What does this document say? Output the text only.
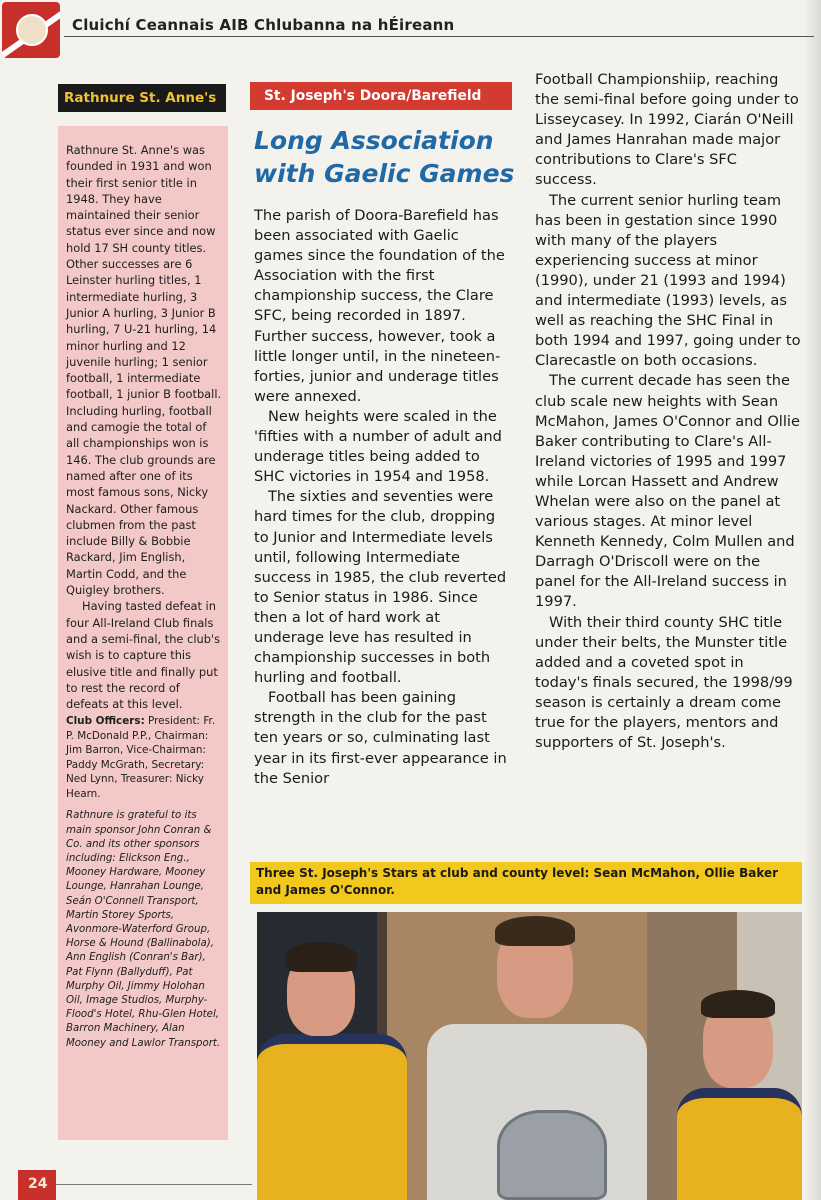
Cluichí Ceannais AIB Chlubanna na hÉireann
Rathnure St. Anne's

Rathnure St. Anne's was founded in 1931 and won their first senior title in 1948. They have maintained their senior status ever since and now hold 17 SH county titles. Other successes are 6 Leinster hurling titles, 1 intermediate hurling, 3 Junior A hurling, 3 Junior B hurling, 7 U-21 hurling, 14 minor hurling and 12 juvenile hurling; 1 senior football, 1 intermediate football, 1 junior B football. Including hurling, football and camogie the total of all championships won is 146. The club grounds are named after one of its most famous sons, Nicky Nackard. Other famous clubmen from the past include Billy & Bobbie Rackard, Jim English, Martin Codd, and the Quigley brothers.

Having tasted defeat in four All-Ireland Club finals and a semi-final, the club's wish is to capture this elusive title and finally put to rest the record of defeats at this level.

Club Officers: President: Fr. P. McDonald P.P., Chairman: Jim Barron, Vice-Chairman: Paddy McGrath, Secretary: Ned Lynn, Treasurer: Nicky Hearn.

Rathnure is grateful to its main sponsor John Conran & Co. and its other sponsors including: Elickson Eng., Mooney Hardware, Mooney Lounge, Hanrahan Lounge, Seán O'Connell Transport, Martin Storey Sports, Avonmore-Waterford Group, Horse & Hound (Ballinabola), Ann English (Conran's Bar), Pat Flynn (Ballyduff), Pat Murphy Oil, Jimmy Holohan Oil, Image Studios, Murphy-Flood's Hotel, Rhu-Glen Hotel, Barron Machinery, Alan Mooney and Lawlor Transport.

St. Joseph's Doora/Barefield
Long Association with Gaelic Games

The parish of Doora-Barefield has been associated with Gaelic games since the foundation of the Association with the first championship success, the Clare SFC, being recorded in 1897. Further success, however, took a little longer until, in the nineteen-forties, junior and underage titles were annexed.

New heights were scaled in the 'fifties with a number of adult and underage titles being added to SHC victories in 1954 and 1958.

The sixties and seventies were hard times for the club, dropping to Junior and Intermediate levels until, following Intermediate success in 1985, the club reverted to Senior status in 1986. Since then a lot of hard work at underage leve has resulted in championship successes in both hurling and football.

Football has been gaining strength in the club for the past ten years or so, culminating last year in its first-ever appearance in the Senior

Football Championshiip, reaching the semi-final before going under to Lisseycasey. In 1992, Ciarán O'Neill and James Hanrahan made major contributions to Clare's SFC success.

The current senior hurling team has been in gestation since 1990 with many of the players experiencing success at minor (1990), under 21 (1993 and 1994) and intermediate (1993) levels, as well as reaching the SHC Final in both 1994 and 1997, going under to Clarecastle on both occasions.

The current decade has seen the club scale new heights with Sean McMahon, James O'Connor and Ollie Baker contributing to Clare's All-Ireland victories of 1995 and 1997 while Lorcan Hassett and Andrew Whelan were also on the panel at various stages. At minor level Kenneth Kennedy, Colm Mullen and Darragh O'Driscoll were on the panel for the All-Ireland success in 1997.

With their third county SHC title under their belts, the Munster title added and a coveted spot in today's finals secured, the 1998/99 season is certainly a dream come true for the players, mentors and supporters of St. Joseph's.

Three St. Joseph's Stars at club and county level: Sean McMahon, Ollie Baker and James O'Connor.
24
